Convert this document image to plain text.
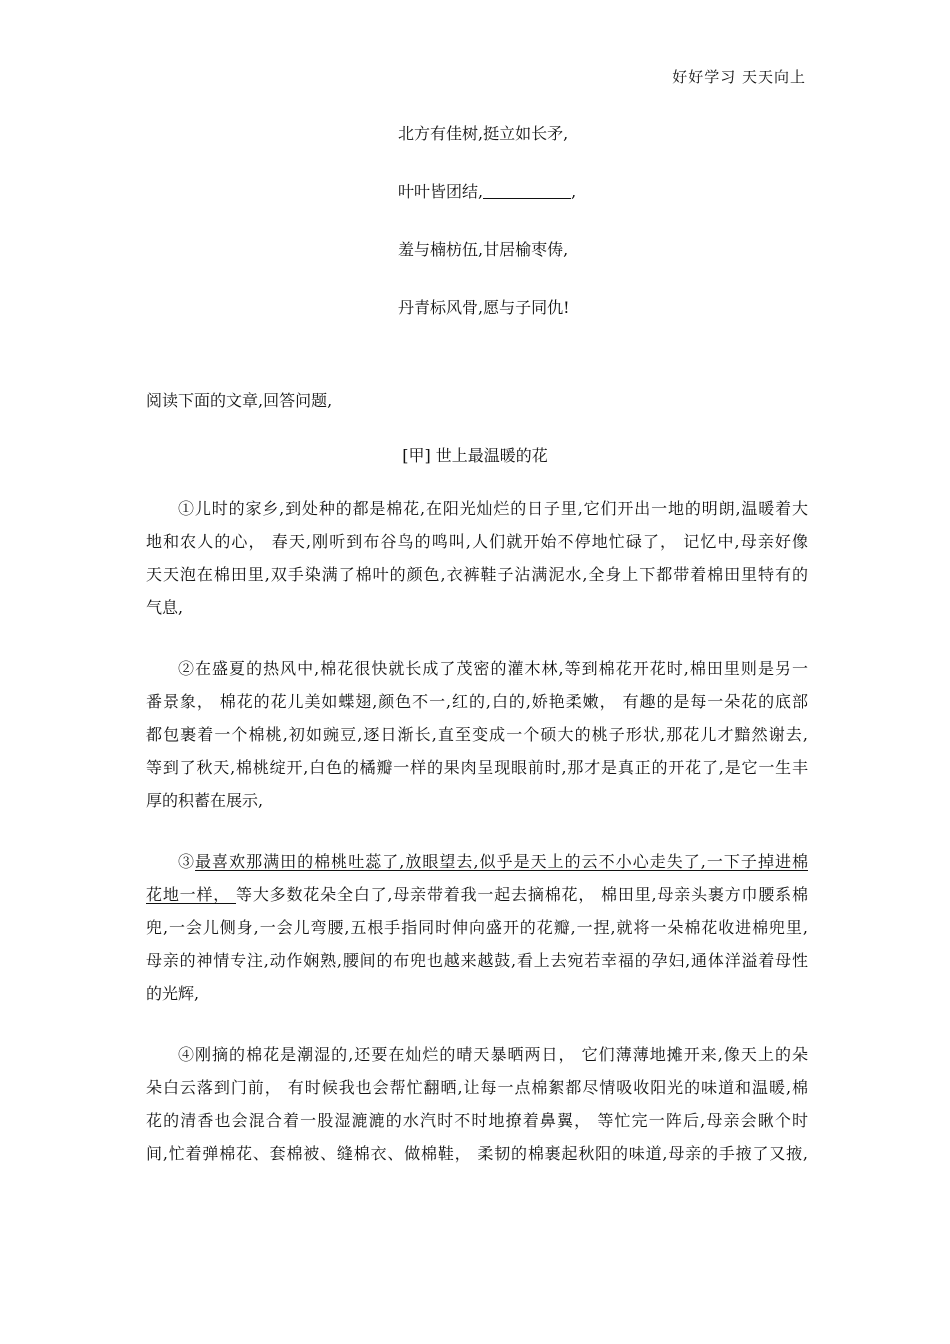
好好学习 天天向上
北方有佳树,挺立如长矛,
叶叶皆团结,	,
羞与楠枋伍,甘居榆枣俦,
丹青标风骨,愿与子同仇!
阅读下面的文章,回答问题,
[甲] 世上最温暖的花
①儿时的家乡,到处种的都是棉花,在阳光灿烂的日子里,它们开出一地的明朗,温暖着大
地和农人的心， 春天,刚听到布谷鸟的鸣叫,人们就开始不停地忙碌了， 记忆中,母亲好像
天天泡在棉田里,双手染满了棉叶的颜色,衣裤鞋子沾满泥水,全身上下都带着棉田里特有的
气息,
②在盛夏的热风中,棉花很快就长成了茂密的灌木林,等到棉花开花时,棉田里则是另一
番景象， 棉花的花儿美如蝶翅,颜色不一,红的,白的,娇艳柔嫩， 有趣的是每一朵花的底部
都包裹着一个棉桃,初如豌豆,逐日渐长,直至变成一个硕大的桃子形状,那花儿才黯然谢去,
等到了秋天,棉桃绽开,白色的橘瓣一样的果肉呈现眼前时,那才是真正的开花了,是它一生丰
厚的积蓄在展示,
③最喜欢那满田的棉桃吐蕊了,放眼望去,似乎是天上的云不小心走失了,一下子掉进棉
花地一样， 等大多数花朵全白了,母亲带着我一起去摘棉花， 棉田里,母亲头裹方巾腰系棉
兜,一会儿侧身,一会儿弯腰,五根手指同时伸向盛开的花瓣,一捏,就将一朵棉花收进棉兜里,
母亲的神情专注,动作娴熟,腰间的布兜也越来越鼓,看上去宛若幸福的孕妇,通体洋溢着母性
的光辉,
④刚摘的棉花是潮湿的,还要在灿烂的晴天暴晒两日， 它们薄薄地摊开来,像天上的朵
朵白云落到门前， 有时候我也会帮忙翻晒,让每一点棉絮都尽情吸收阳光的味道和温暖,棉
花的清香也会混合着一股湿漉漉的水汽时不时地撩着鼻翼， 等忙完一阵后,母亲会瞅个时
间,忙着弹棉花、套棉被、缝棉衣、做棉鞋， 柔韧的棉裹起秋阳的味道,母亲的手掖了又掖,
